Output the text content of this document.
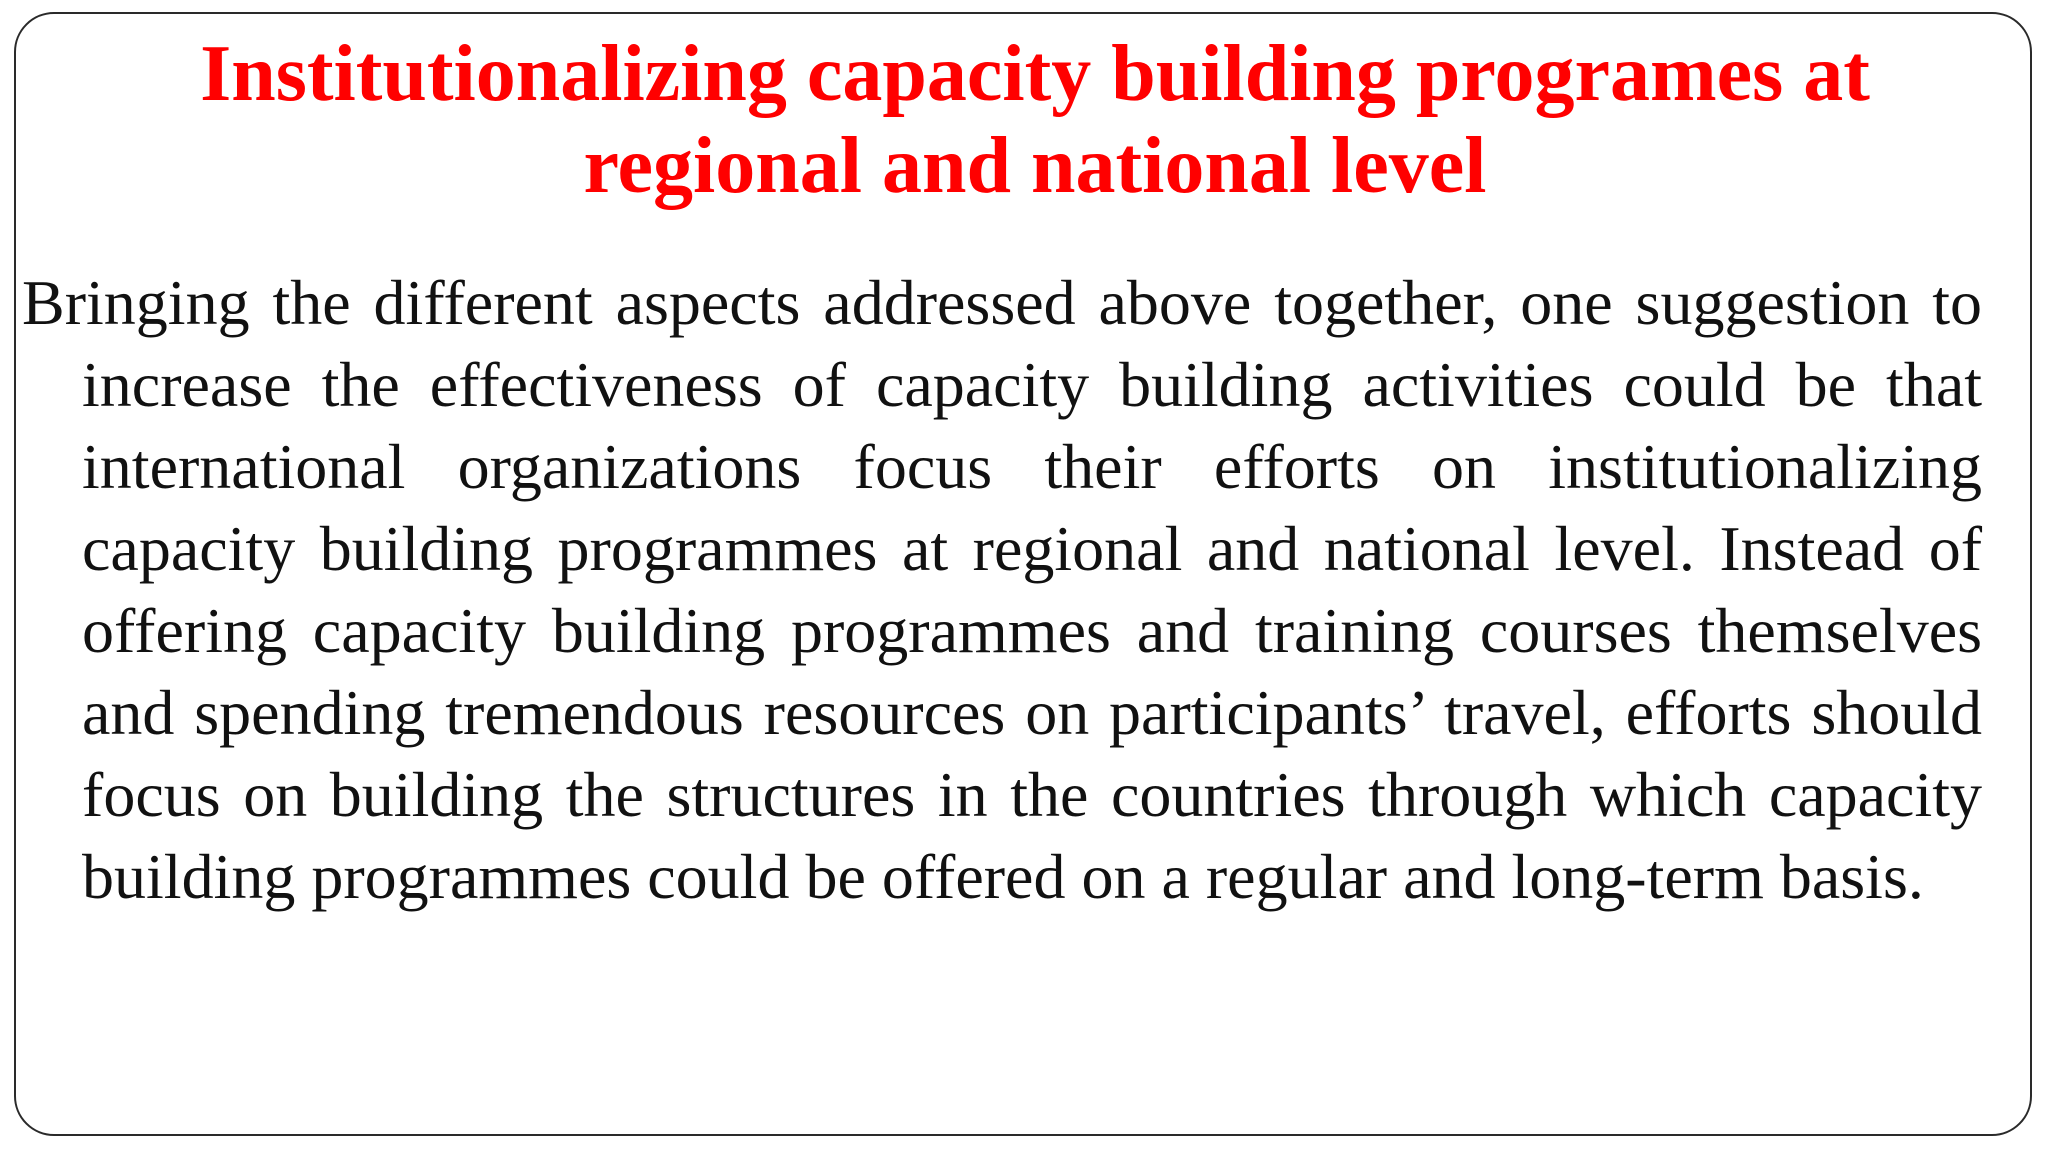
Institutionalizing capacity building programes at regional and national level

Bringing the different aspects addressed above together, one suggestion to increase the effectiveness of capacity building activities could be that international organizations focus their efforts on institutionalizing capacity building programmes at regional and national level. Instead of offering capacity building programmes and training courses themselves and spending tremendous resources on participants’ travel, efforts should focus on building the structures in the countries through which capacity building programmes could be offered on a regular and long-term basis.
